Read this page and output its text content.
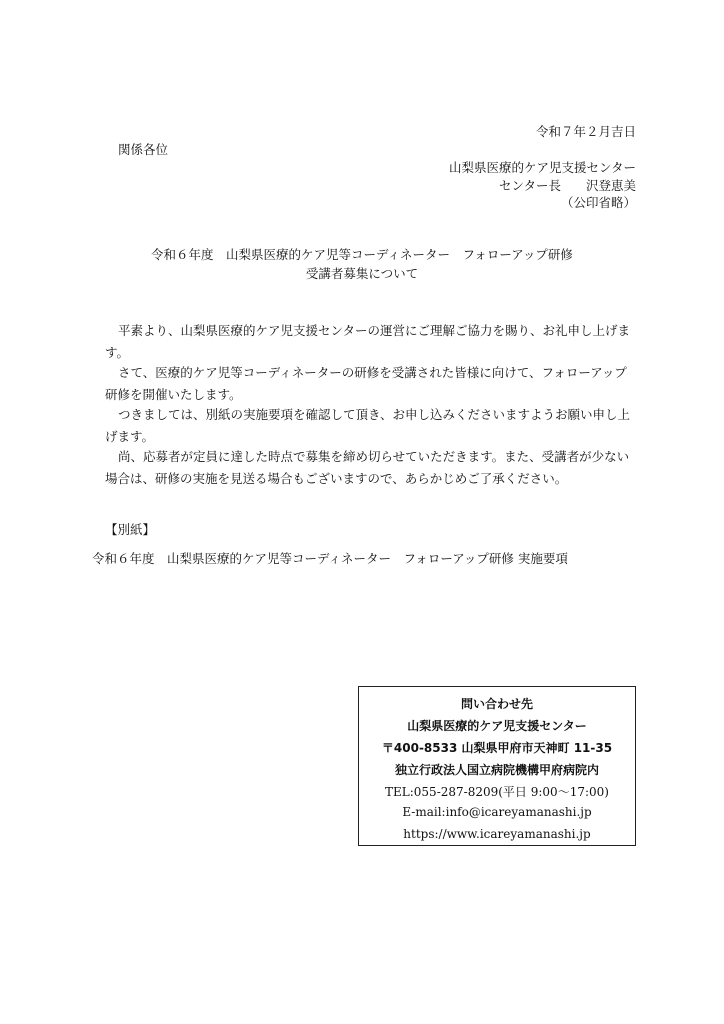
令和７年２月吉日
関係各位
山梨県医療的ケア児支援センター
センター長　　沢登恵美
（公印省略）
令和６年度　山梨県医療的ケア児等コーディネーター　フォローアップ研修
受講者募集について
平素より、山梨県医療的ケア児支援センターの運営にご理解ご協力を賜り、お礼申し上げます。
さて、医療的ケア児等コーディネーターの研修を受講された皆様に向けて、フォローアップ研修を開催いたします。
つきましては、別紙の実施要項を確認して頂き、お申し込みくださいますようお願い申し上げます。
尚、応募者が定員に達した時点で募集を締め切らせていただきます。また、受講者が少ない場合は、研修の実施を見送る場合もございますので、あらかじめご了承ください。
【別紙】
令和６年度　山梨県医療的ケア児等コーディネーター　フォローアップ研修 実施要項
問い合わせ先
山梨県医療的ケア児支援センター
〒400-8533 山梨県甲府市天神町 11-35
独立行政法人国立病院機構甲府病院内
TEL:055-287-8209(平日 9:00～17:00)
E-mail:info@icareyamanashi.jp
https://www.icareyamanashi.jp
